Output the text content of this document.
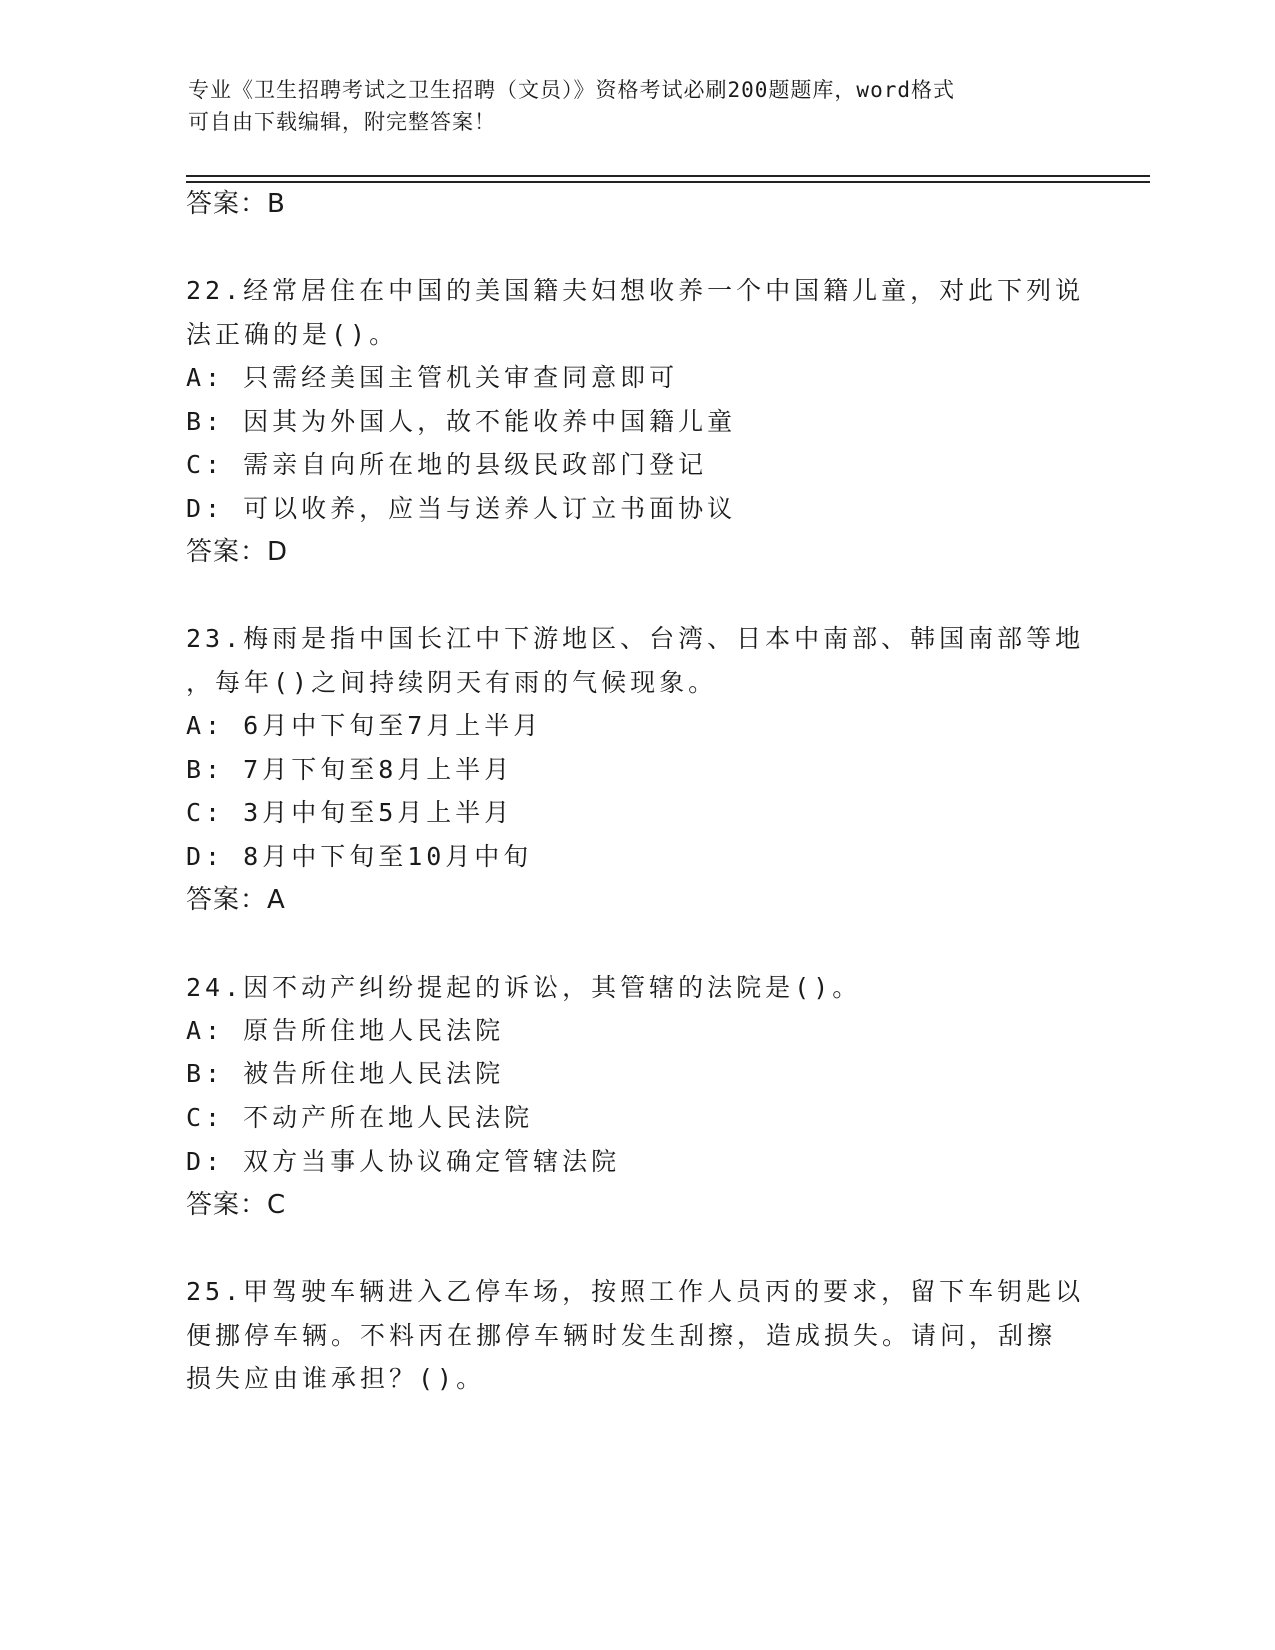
专业《卫生招聘考试之卫生招聘（文员）》资格考试必刷200题题库，word格式
可自由下载编辑，附完整答案！
答案：B
22.经常居住在中国的美国籍夫妇想收养一个中国籍儿童，对此下列说
法正确的是()。
A: 只需经美国主管机关审查同意即可
B: 因其为外国人，故不能收养中国籍儿童
C: 需亲自向所在地的县级民政部门登记
D: 可以收养，应当与送养人订立书面协议
答案：D
23.梅雨是指中国长江中下游地区、台湾、日本中南部、韩国南部等地
，每年()之间持续阴天有雨的气候现象。
A: 6月中下旬至7月上半月
B: 7月下旬至8月上半月
C: 3月中旬至5月上半月
D: 8月中下旬至10月中旬
答案：A
24.因不动产纠纷提起的诉讼，其管辖的法院是()。
A: 原告所住地人民法院
B: 被告所住地人民法院
C: 不动产所在地人民法院
D: 双方当事人协议确定管辖法院
答案：C
25.甲驾驶车辆进入乙停车场，按照工作人员丙的要求，留下车钥匙以
便挪停车辆。不料丙在挪停车辆时发生刮擦，造成损失。请问，刮擦
损失应由谁承担？()。
